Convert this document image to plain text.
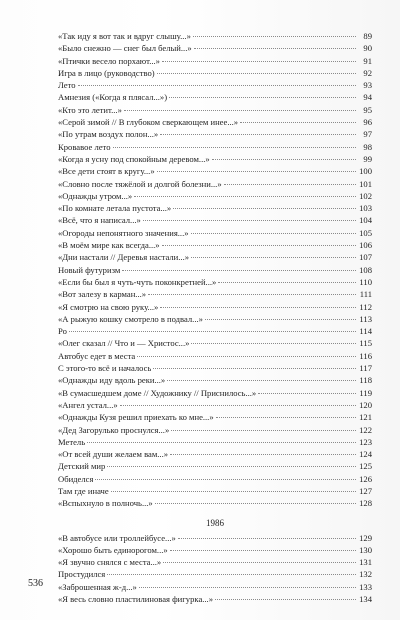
«Так иду я вот так и вдруг слышу...»	89
«Было снежно — снег был белый...»	90
«Птички весело порхают...»	91
Игра в лицо (руководство)	92
Лето	93
Амнезия («Когда я плясал...»)	94
«Кто это летит...»	95
«Серой зимой // В глубоком сверкающем инее...»	96
«По утрам воздух полон...»	97
Кровавое лето	98
«Когда я усну под спокойным деревом...»	99
«Все дети стоят в кругу...»	100
«Словно после тяжёлой и долгой болезни...»	101
«Однажды утром...»	102
«По комнате летала пустота...»	103
«Всё, что я написал...»	104
«Огороды непонятного значения...»	105
«В моём мире как всегда...»	106
«Дни настали // Деревья настали...»	107
Новый футуризм	108
«Если бы был я чуть-чуть поконкретней...»	110
«Вот залезу в карман...»	111
«Я смотрю на свою руку...»	112
«А рыжую кошку смотрело в подвал...»	113
Ро	114
«Олег сказал // Что и — Христос...»	115
Автобус едет в места	116
С этого-то всё и началось	117
«Однажды иду вдоль реки...»	118
«В сумасшедшем доме // Художнику // Приснилось...»	119
«Ангел устал...»	120
«Однажды Кузя решил приехать ко мне...»	121
«Дед Загорулько проснулся...»	122
Метель	123
«От всей души желаем вам...»	124
Детский мир	125
Обиделся	126
Там где иначе	127
«Вспыхнуло в полночь...»	128
1986
«В автобусе или троллейбусе...»	129
«Хорошо быть единорогом...»	130
«Я звучно снялся с места...»	131
Простудился	132
«Заброшенная ж-д...»	133
«Я весь словно пластилиновая фигурка...»	134
536
